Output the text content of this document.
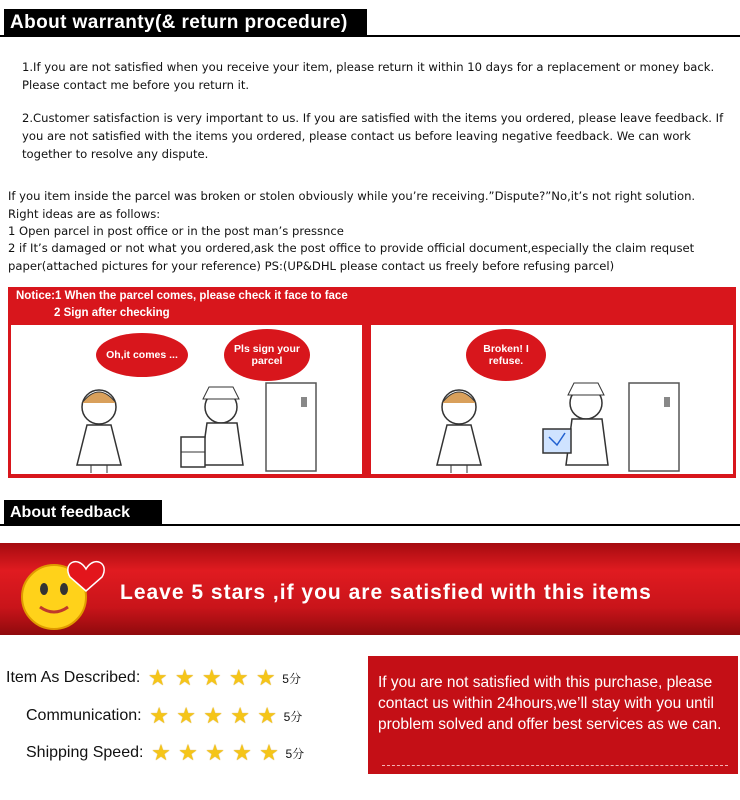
About warranty(& return procedure)
1.If you are not satisfied when you receive your item, please return it within 10 days for a replacement or money back. Please contact me before you return it.
2.Customer satisfaction is very important to us. If you are satisfied with the items you ordered, please leave feedback. If you are not satisfied with the items you ordered, please contact us before leaving negative feedback. We can work together to resolve any dispute.
If you item inside the parcel was broken or stolen obviously while you’re receiving.”Dispute?”No,it’s not right solution.
Right ideas are as follows:
1 Open parcel in post office or in the post man’s pressnce
2 if It’s damaged or not what you ordered,ask the post office to provide official document,especially the claim requset
paper(attached pictures for your reference) PS:(UP&DHL please contact us freely before refusing parcel)
Notice:1 When the parcel comes, please check it face to face
2 Sign after checking
Oh,it comes ...	Pls sign your parcel
Broken! I refuse.
About feedback
Leave 5 stars ,if you are satisfied with this items
Item As Described: ★ ★ ★ ★ ★ 5分
Communication: ★ ★ ★ ★ ★ 5分
Shipping Speed: ★ ★ ★ ★ ★ 5分
If you are not satisfied with this purchase, please contact us within 24hours,we’ll stay with you until problem solved and offer best services as we can.
